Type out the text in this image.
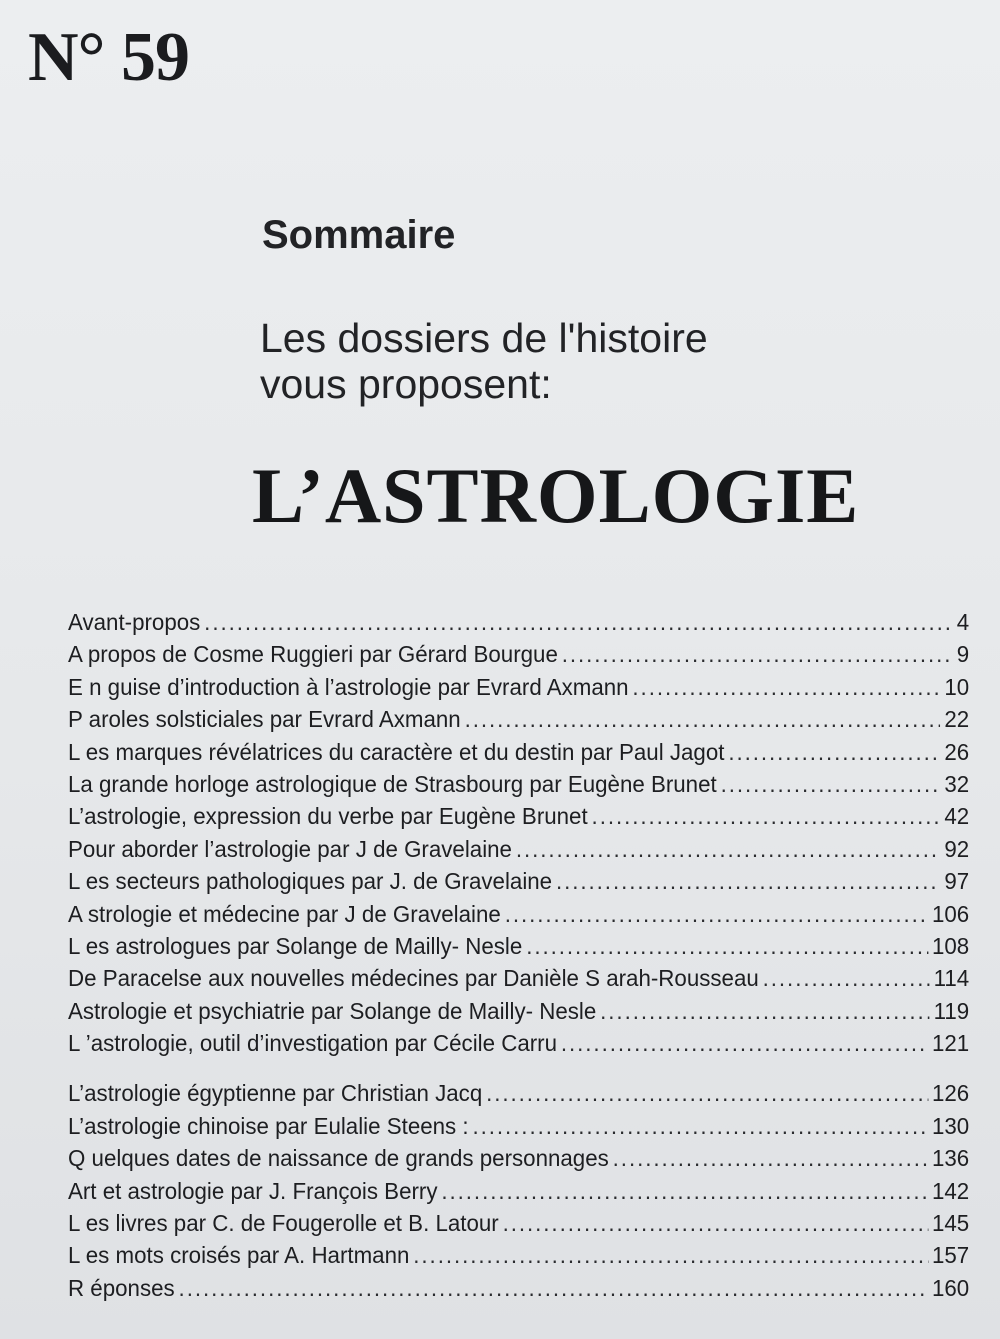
N° 59
Sommaire
Les dossiers de l'histoire
vous proposent:
L’ASTROLOGIE
Avant-propos .....	4
A propos de Cosme Ruggieri par Gérard Bourgue .....	9
E n guise d’introduction à l’astrologie par Evrard Axmann .....	10
P aroles solsticiales par Evrard Axmann .....	22
L es marques révélatrices du caractère et du destin par Paul Jagot .....	26
La grande horloge astrologique de Strasbourg par Eugène Brunet .....	32
L’astrologie, expression du verbe par Eugène Brunet .....	42
Pour aborder l’astrologie par J de Gravelaine .....	92
L es secteurs pathologiques par J. de Gravelaine .....	97
A strologie et médecine par J de Gravelaine .....	106
L es astrologues par Solange de Mailly- Nesle .....	108
De Paracelse aux nouvelles médecines par Danièle S arah-Rousseau .....	114
Astrologie et psychiatrie par Solange de Mailly- Nesle .....	119
L ’astrologie, outil d’investigation par Cécile Carru .....	121
L’astrologie égyptienne par Christian Jacq .....	126
L’astrologie chinoise par Eulalie Steens : .....	130
Q uelques dates de naissance de grands personnages .....	136
Art et astrologie par J. François Berry .....	142
L es livres par C. de Fougerolle et B. Latour .....	145
L es mots croisés par A. Hartmann .....	157
R éponses .....	160
